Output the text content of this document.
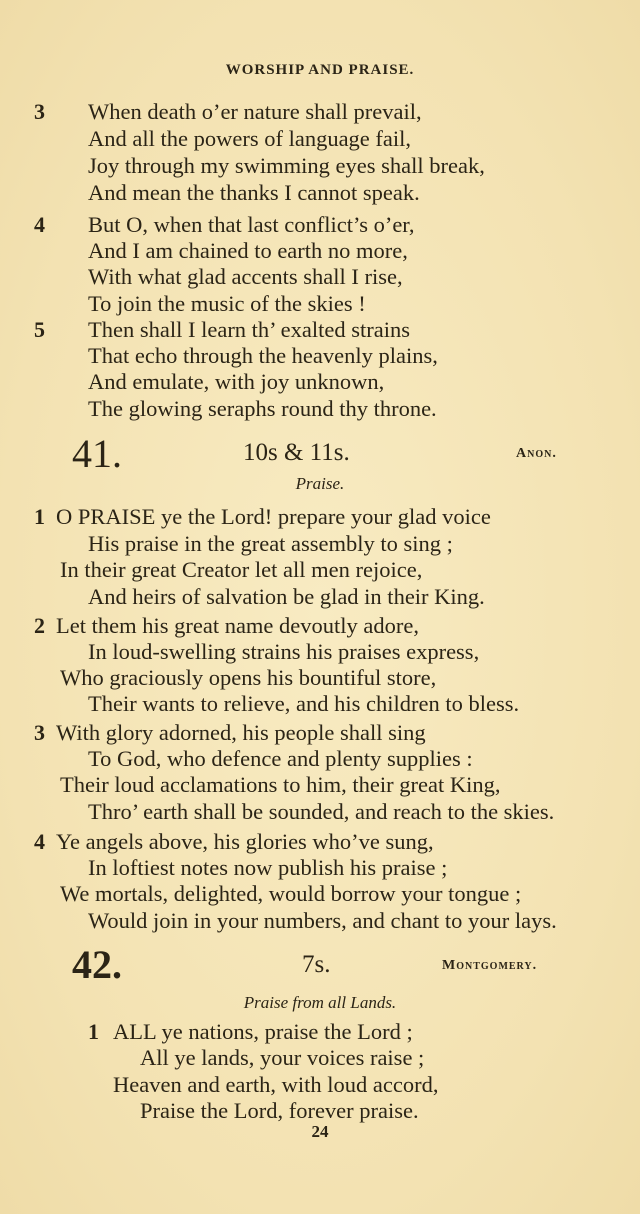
WORSHIP AND PRAISE.
3 When death o’er nature shall prevail,
And all the powers of language fail,
Joy through my swimming eyes shall break,
And mean the thanks I cannot speak.
4 But O, when that last conflict’s o’er,
And I am chained to earth no more,
With what glad accents shall I rise,
To join the music of the skies !
5 Then shall I learn th’ exalted strains
That echo through the heavenly plains,
And emulate, with joy unknown,
The glowing seraphs round thy throne.
41.	10s & 11s.	Anon.
Praise.
1 O PRAISE ye the Lord! prepare your glad voice
His praise in the great assembly to sing ;
In their great Creator let all men rejoice,
And heirs of salvation be glad in their King.
2 Let them his great name devoutly adore,
In loud-swelling strains his praises express,
Who graciously opens his bountiful store,
Their wants to relieve, and his children to bless.
3 With glory adorned, his people shall sing
To God, who defence and plenty supplies :
Their loud acclamations to him, their great King,
Thro’ earth shall be sounded, and reach to the skies.
4 Ye angels above, his glories who’ve sung,
In loftiest notes now publish his praise ;
We mortals, delighted, would borrow your tongue ;
Would join in your numbers, and chant to your lays.
42.	7s.	Montgomery.
Praise from all Lands.
1 ALL ye nations, praise the Lord ;
All ye lands, your voices raise ;
Heaven and earth, with loud accord,
Praise the Lord, forever praise.
24
